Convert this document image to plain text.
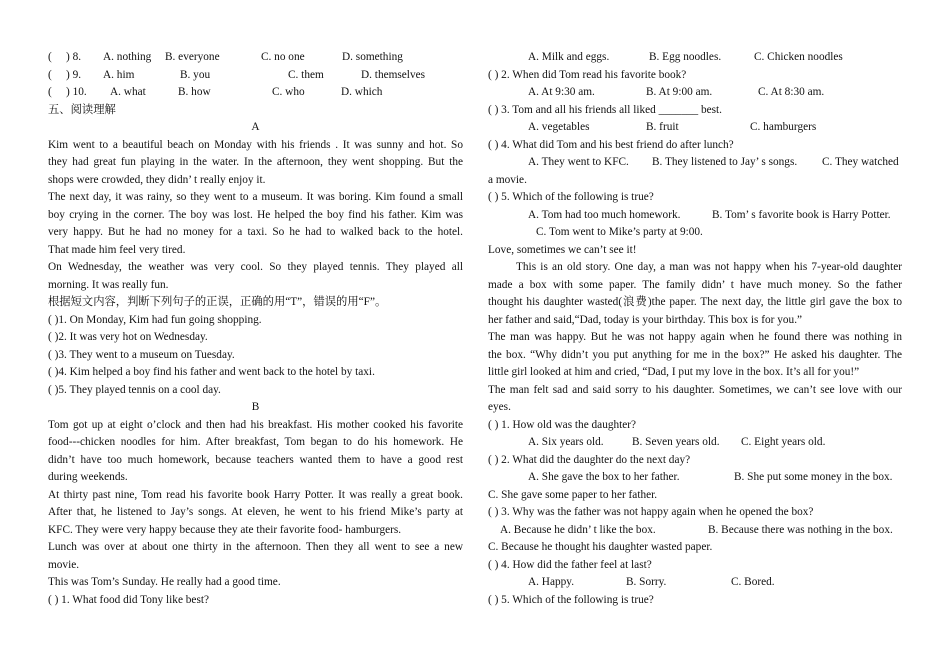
( ) 8. A. nothing B. everyone	C. no one	D. something
( ) 9. A. him	B. you	C. them	D. themselves
( ) 10. A. what	B. how	C. who	D. which
五、阅读理解
A
Kim went to a beautiful beach on Monday with his friends . It was sunny and hot. So
they had great fun playing in the water. In the afternoon, they went shopping. But the
shops were crowded, they didn’ t really enjoy it.
The next day, it was rainy, so they went to a museum. It was boring. Kim found a small
boy crying in the corner. The boy was lost. He helped the boy find his father. Kim was
very happy. But he had no money for a taxi. So he had to walked back to the hotel.
That made him feel very tired.
On Wednesday, the weather was very cool. So they played tennis. They played all
morning. It was really fun.
根据短文内容，判断下列句子的正误，正确的用“T”，错误的用“F”。
( )1. On Monday, Kim had fun going shopping.
( )2. It was very hot on Wednesday.
( )3. They went to a museum on Tuesday.
( )4. Kim helped a boy find his father and went back to the hotel by taxi.
( )5. They played tennis on a cool day.
B
Tom got up at eight o’clock and then had his breakfast. His mother cooked his favorite
food---chicken noodles for him. After breakfast, Tom began to do his homework. He
didn’t have too much homework, because teachers wanted them to have a good rest
during weekends.
At thirty past nine, Tom read his favorite book Harry Potter. It was really a great book.
After that, he listened to Jay’s songs. At eleven, he went to his friend Mike’s party at
KFC. They were very happy because they ate their favorite food- hamburgers.
Lunch was over at about one thirty in the afternoon. Then they all went to see a new
movie.
This was Tom’s Sunday. He really had a good time.
( ) 1. What food did Tony like best?
A. Milk and eggs.	B. Egg noodles.	C. Chicken noodles
( ) 2. When did Tom read his favorite book?
A. At 9:30 am.	B. At 9:00 am.	C. At 8:30 am.
( ) 3. Tom and all his friends all liked _______ best.
A. vegetables	B. fruit	C. hamburgers
( ) 4. What did Tom and his best friend do after lunch?
A. They went to KFC. B. They listened to Jay’ s songs. C. They watched
a movie.
( ) 5. Which of the following is true?
A. Tom had too much homework.	B. Tom’ s favorite book is Harry Potter.
C. Tom went to Mike’s party at 9:00.
Love, sometimes we can’t see it!
This is an old story. One day, a man was not happy when his 7-year-old daughter
made a box with some paper. The family didn’ t have much money. So the father
thought his daughter wasted(浪费)the paper. The next day, the little girl gave the box to
her father and said,“Dad, today is your birthday. This box is for you.”
The man was happy. But he was not happy again when he found there was nothing in
the box. “Why didn’t you put anything for me in the box?” He asked his daughter. The
little girl looked at him and cried, “Dad, I put my love in the box. It’s all for you!”
The man felt sad and said sorry to his daughter. Sometimes, we can’t see love with our
eyes.
( ) 1. How old was the daughter?
A. Six years old.	B. Seven years old. C. Eight years old.
( ) 2. What did the daughter do the next day?
A. She gave the box to her father.	B. She put some money in the box.
C. She gave some paper to her father.
( ) 3. Why was the father was not happy again when he opened the box?
A. Because he didn’ t like the box.	B. Because there was nothing in the box.
C. Because he thought his daughter wasted paper.
( ) 4. How did the father feel at last?
A. Happy.	B. Sorry.	C. Bored.
( ) 5. Which of the following is true?
